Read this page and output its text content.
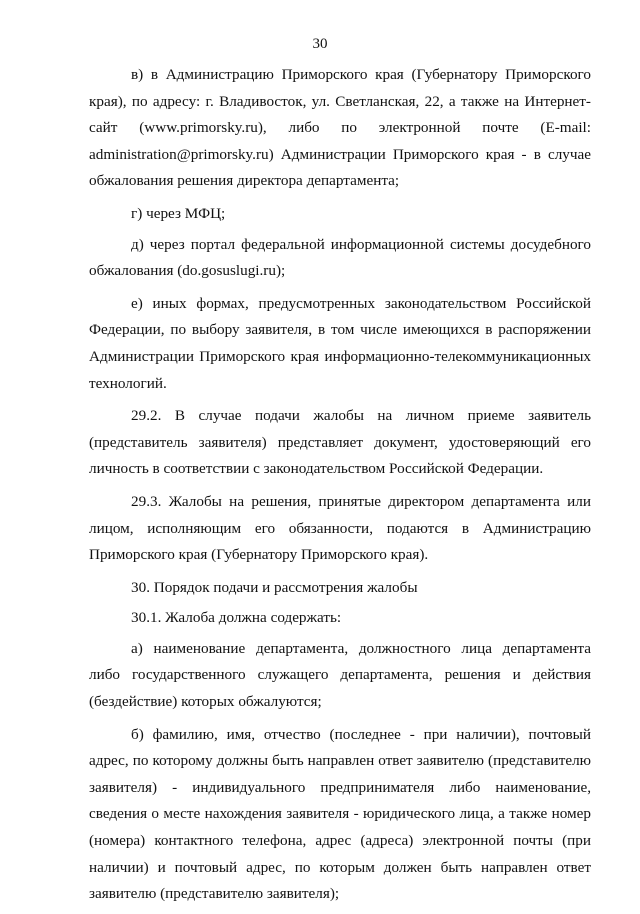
30

в) в Администрацию Приморского края (Губернатору Приморского края), по адресу: г. Владивосток, ул. Светланская, 22, а также на Интернет-сайт (www.primorsky.ru), либо по электронной почте (E-mail: administration@primorsky.ru) Администрации Приморского края - в случае обжалования решения директора департамента;

г) через МФЦ;

д) через портал федеральной информационной системы досудебного обжалования (do.gosuslugi.ru);

е) иных формах, предусмотренных законодательством Российской Федерации, по выбору заявителя, в том числе имеющихся в распоряжении Администрации Приморского края информационно-телекоммуникационных технологий.

29.2. В случае подачи жалобы на личном приеме заявитель (представитель заявителя) представляет документ, удостоверяющий его личность в соответствии с законодательством Российской Федерации.

29.3. Жалобы на решения, принятые директором департамента или лицом, исполняющим его обязанности, подаются в Администрацию Приморского края (Губернатору Приморского края).

30. Порядок подачи и рассмотрения жалобы

30.1. Жалоба должна содержать:

а) наименование департамента, должностного лица департамента либо государственного служащего департамента, решения и действия (бездействие) которых обжалуются;

б) фамилию, имя, отчество (последнее - при наличии), почтовый адрес, по которому должны быть направлен ответ заявителю (представителю заявителя) - индивидуального предпринимателя либо наименование, сведения о месте нахождения заявителя - юридического лица, а также номер (номера) контактного телефона, адрес (адреса) электронной почты (при наличии) и почтовый адрес, по которым должен быть направлен ответ заявителю (представителю заявителя);
